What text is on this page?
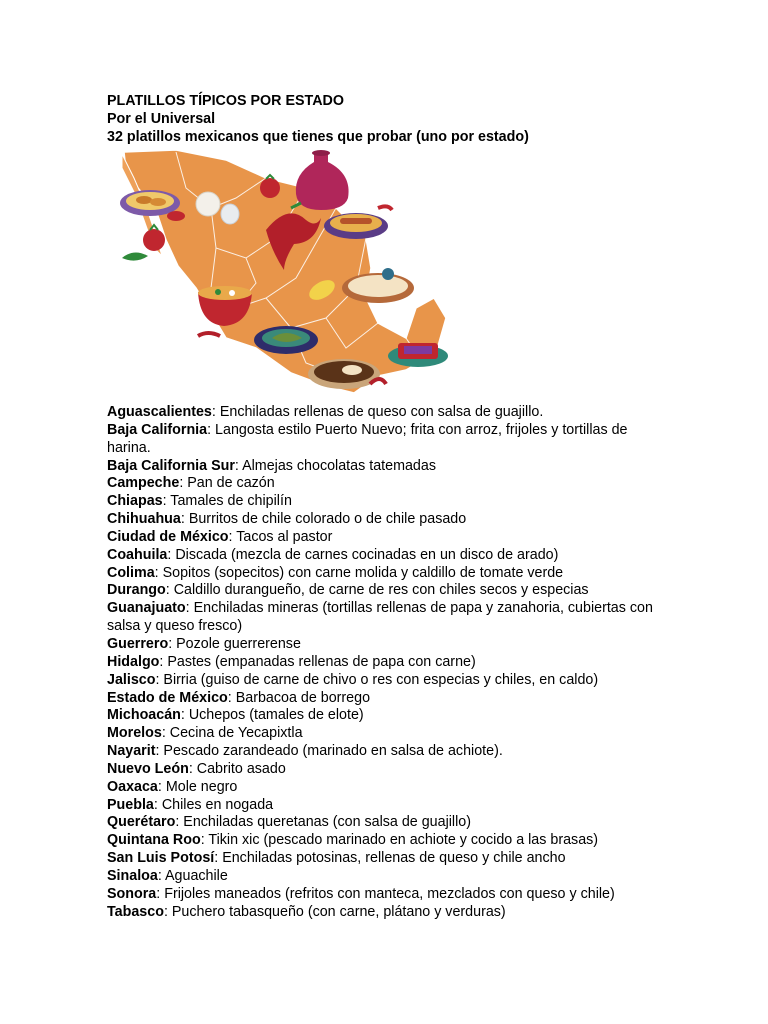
PLATILLOS TÍPICOS POR ESTADO
Por el Universal
32 platillos mexicanos que tienes que probar (uno por estado)
Aguascalientes: Enchiladas rellenas de queso con salsa de guajillo.
Baja California: Langosta estilo Puerto Nuevo; frita con arroz, frijoles y tortillas de harina.
Baja California Sur: Almejas chocolatas tatemadas
Campeche: Pan de cazón
Chiapas: Tamales de chipilín
Chihuahua: Burritos de chile colorado o de chile pasado
Ciudad de México: Tacos al pastor
Coahuila: Discada (mezcla de carnes cocinadas en un disco de arado)
Colima: Sopitos (sopecitos) con carne molida y caldillo de tomate verde
Durango: Caldillo duranguеño, de carne de res con chiles secos y especias
Guanajuato: Enchiladas mineras (tortillas rellenas de papa y zanahoria, cubiertas con salsa y queso fresco)
Guerrero: Pozole guerrerense
Hidalgo: Pastes (empanadas rellenas de papa con carne)
Jalisco: Birria (guiso de carne de chivo o res con especias y chiles, en caldo)
Estado de México: Barbacoa de borrego
Michoacán: Uchepos (tamales de elote)
Morelos: Cecina de Yecapixtla
Nayarit: Pescado zarandeado (marinado en salsa de achiote).
Nuevo León: Cabrito asado
Oaxaca: Mole negro
Puebla: Chiles en nogada
Querétaro: Enchiladas queretanas (con salsa de guajillo)
Quintana Roo: Tikin xic (pescado marinado en achiote y cocido a las brasas)
San Luis Potosí: Enchiladas potosinas, rellenas de queso y chile ancho
Sinaloa: Aguachile
Sonora: Frijoles maneados (refritos con manteca, mezclados con queso y chile)
Tabasco: Puchero tabasqueño (con carne, plátano y verduras)
